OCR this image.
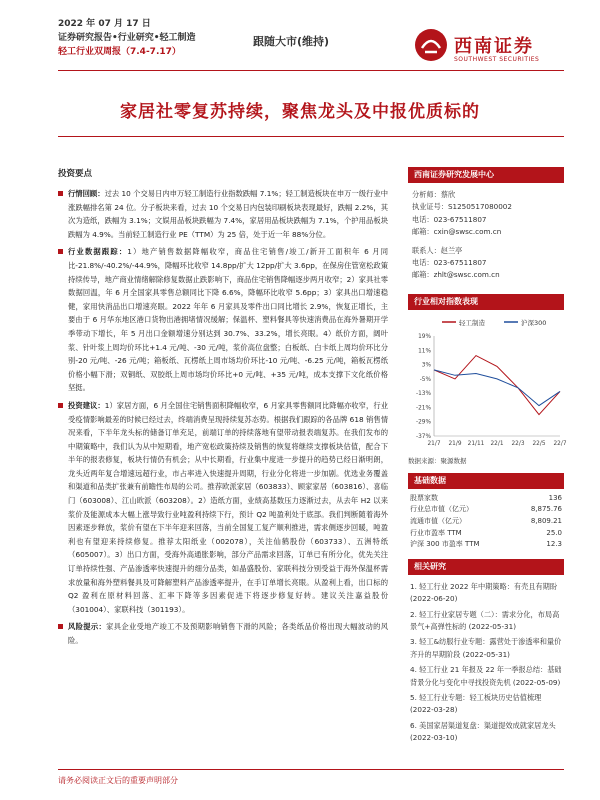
2022 年 07 月 17 日
证券研究报告•行业研究•轻工制造
轻工行业双周报（7.4-7.17）
跟随大市(维持)	西南证券
SOUTHWEST SECURITIES
家居社零复苏持续，聚焦龙头及中报优质标的
投资要点
行情回顾：过去 10 个交易日内申万轻工制造行业指数跌幅 7.1%；轻工制造板块在申万一级行业中涨跌幅排名第 24 位。分子板块来看，过去 10 个交易日内包装印刷板块表现最好，跌幅 2.2%，其次为造纸，跌幅为 3.1%；文娱用品板块跌幅为 7.4%，家居用品板块跌幅为 7.1%，个护用品板块跌幅为 4.9%。当前轻工制造行业 PE（TTM）为 25 倍，处于近一年 88%分位。
行业数据跟踪：1）地产销售数据降幅收窄，商品住宅销售/竣工/新开工面积年 6 月同比-21.8%/-40.2%/-44.9%，降幅环比收窄 14.8pp/扩大 12pp/扩大 3.6pp，在保房住管宽松政策持续传导，地产商业情绪解除修复数据止跌影响下，商品住宅销售降幅逐步两月收窄；2）家具社零数据回温，年 6 月全国家具零售总额同比下降 6.6%，降幅环比收窄 5.6pp；3）家具出口增速稳健，家用快消品出口增速亮眼。2022 年年 6 月家具及零件出口同比增长 2.9%，恢复正增长，主要由于 6 月华东地区港口货物出港拥堵情况缓解；保温杯、塑料餐具等快速消费品在海外暑期开学季带动下增长，年 5 月出口金额增速分别达到 30.7%、33.2%，增长亮眼。4）纸价方面，阔叶浆、针叶浆上周均价环比+1.4 元/吨、-30 元/吨，浆价高位盘整；白板纸、白卡纸上周均价环比分别-20 元/吨、-26 元/吨；箱板纸、瓦楞纸上周市场均价环比-10 元/吨、-6.25 元/吨，箱板瓦楞纸价格小幅下滑；双铜纸、双胶纸上周市场均价环比+0 元/吨、+35 元/吨，成本支撑下文化纸价格坚挺。
投资建议：1）家居方面，6 月全国住宅销售面积降幅收窄，6 月家具零售额同比降幅亦收窄，行业受疫情影响最差的时候已经过去，终端消费呈现持续复苏态势。根据我们跟踪的各品牌 618 销售情况来看，下半年龙头标的储备订单充足，前端订单的持续落地有望带动报表端复苏。在我们发布的中期策略中，我们认为从中短期看，地产宽松政策持续及销售的恢复将继续支撑板块估值，配合下半年的报表修复，板块行情仍有机会；从中长期看，行业集中度进一步提升的趋势已经日渐明朗，龙头近两年复合增速远超行业，市占率进入快速提升周期，行业分化将进一步加剧。优选业务覆盖和渠道和品类扩张兼有前瞻性布局的公司。推荐欧派家居（603833）、顾家家居（603816）、喜临门（603008）、江山欧派（603208）。2）造纸方面，业绩高基数压力逐渐过去，从去年 H2 以来浆价及能源成本大幅上涨导致行业吨盈利持续下行，预计 Q2 吨盈利处于底部。我们判断随着海外因素逐步释放，浆价有望在下半年迎来回落，当前全国复工复产顺利推进，需求侧逐步回暖，吨盈利也有望迎来持续修复。推荐太阳纸业（002078），关注仙鹤股份（603733）、五洲特纸（605007）。3）出口方面，受海外高通胀影响，部分产品需求回落，订单已有所分化，优先关注订单持续性强、产品渗透率快速提升的细分品类，如晶盛股份、家联科技分别受益于海外保温杯需求放量和海外塑料餐具及可降解塑料产品渗透率提升，在手订单增长亮眼。从盈利上看，出口标的 Q2 盈利在原材料回落、汇率下降等多因素促进下将逐步修复好转。建议关注嘉益股份（301004）、家联科技（301193）。
风险提示：家具企业受地产竣工不及预期影响销售下滑的风险；各类纸品价格出现大幅波动的风险。
西南证券研究发展中心
分析师：蔡欣
执业证号：S1250517080002
电话：023-67511807
邮箱：cxin@swsc.com.cn
联系人：赵兰亭
电话：023-67511807
邮箱：zhlt@swsc.com.cn
行业相对指数表现
轻工制造	沪深300
19%
11%
3%
-5%
-13%
-21%
-29%
-37%
21/7 21/9 21/11 22/1 22/3 22/5 22/7
数据来源：聚源数据
基础数据
股票家数	136
行业总市值（亿元）	8,875.76
流通市值（亿元）	8,809.21
行业市盈率 TTM	25.0
沪深 300 市盈率 TTM	12.3
相关研究
1. 轻工行业 2022 年中期策略：有壳且有期盼 (2022-06-20)
2. 轻工行业家居专题（二）：需求分化，布局高景气+高弹性标的 (2022-05-31)
3. 轻工&纺服行业专题：露营处于渗透率和量价齐升的早期阶段 (2022-05-31)
4. 轻工行业 21 年报及 22 年一季报总结：基础背景分化与变化中寻找投资先机 (2022-05-09)
5. 轻工行业专题：轻工板块历史估值梳理 (2022-03-28)
6. 美国家居渠道复盘：渠道提效成就家居龙头 (2022-03-10)
请务必阅读正文后的重要声明部分
